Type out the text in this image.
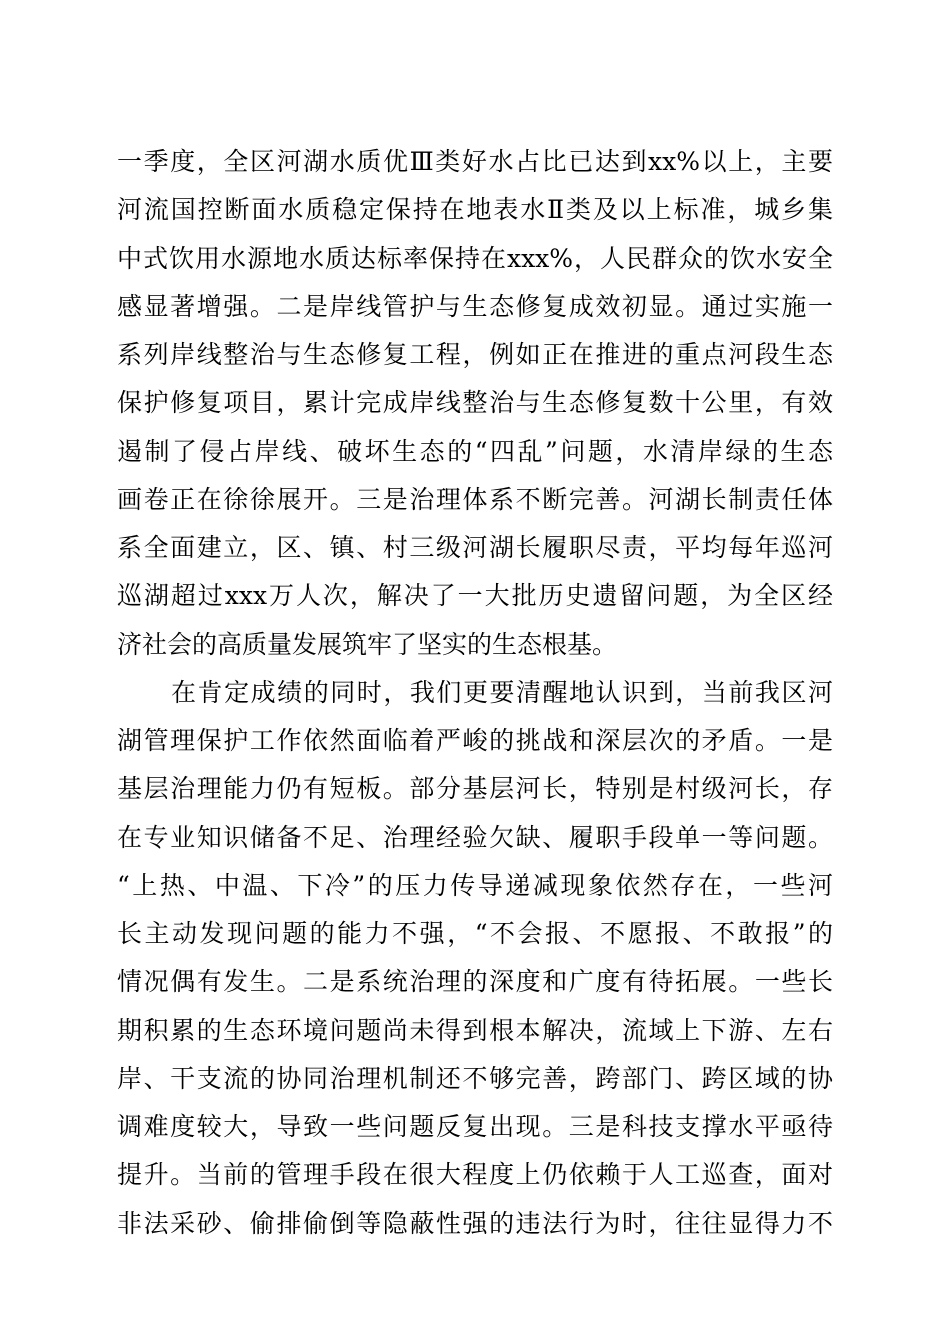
一季度，全区河湖水质优Ⅲ类好水占比已达到xx%以上，主要
河流国控断面水质稳定保持在地表水Ⅱ类及以上标准，城乡集
中式饮用水源地水质达标率保持在xxx%，人民群众的饮水安全
感显著增强。二是岸线管护与生态修复成效初显。通过实施一
系列岸线整治与生态修复工程，例如正在推进的重点河段生态
保护修复项目，累计完成岸线整治与生态修复数十公里，有效
遏制了侵占岸线、破坏生态的“四乱”问题，水清岸绿的生态
画卷正在徐徐展开。三是治理体系不断完善。河湖长制责任体
系全面建立，区、镇、村三级河湖长履职尽责，平均每年巡河
巡湖超过xxx万人次，解决了一大批历史遗留问题，为全区经
济社会的高质量发展筑牢了坚实的生态根基。
在肯定成绩的同时，我们更要清醒地认识到，当前我区河
湖管理保护工作依然面临着严峻的挑战和深层次的矛盾。一是
基层治理能力仍有短板。部分基层河长，特别是村级河长，存
在专业知识储备不足、治理经验欠缺、履职手段单一等问题。
“上热、中温、下冷”的压力传导递减现象依然存在，一些河
长主动发现问题的能力不强，“不会报、不愿报、不敢报”的
情况偶有发生。二是系统治理的深度和广度有待拓展。一些长
期积累的生态环境问题尚未得到根本解决，流域上下游、左右
岸、干支流的协同治理机制还不够完善，跨部门、跨区域的协
调难度较大，导致一些问题反复出现。三是科技支撑水平亟待
提升。当前的管理手段在很大程度上仍依赖于人工巡查，面对
非法采砂、偷排偷倒等隐蔽性强的违法行为时，往往显得力不
